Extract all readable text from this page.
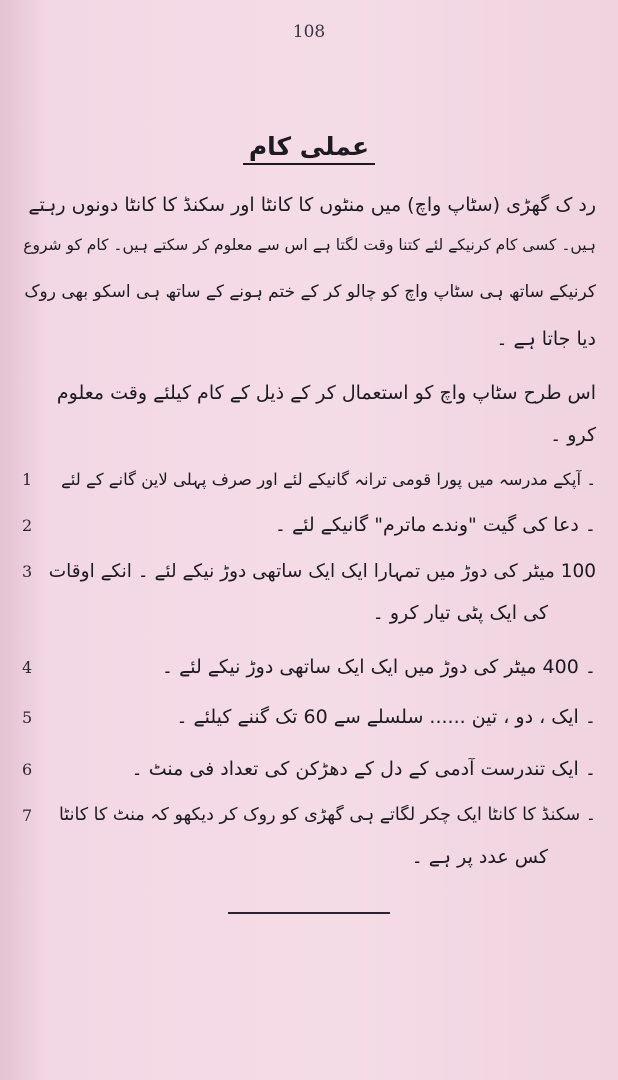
108
عملی کام
رد ک گھڑی (سٹاپ واچ) میں منٹوں کا کانٹا اور سکنڈ کا کانٹا دونوں رہتے
ہیں۔ کسی کام کرنیکے لئے کتنا وقت لگتا ہے اس سے معلوم کر سکتے ہیں۔ کام کو شروع
کرنیکے ساتھ ہی سٹاپ واچ کو چالو کر کے ختم ہونے کے ساتھ ہی اسکو بھی روک
دیا جاتا ہے ۔
اس طرح سٹاپ واچ کو استعمال کر کے ذیل کے کام کیلئے وقت معلوم
کرو ۔
1	۔ آپکے مدرسہ میں پورا قومی ترانہ گانیکے لئے اور صرف پہلی لاین گانے کے لئے
2	۔ دعا کی گیت "وندے ماترم" گانیکے لئے ۔
3 100 میٹر کی دوڑ میں تمہارا ایک ایک ساتھی دوڑ نیکے لئے ۔ انکے اوقات
کی ایک پٹی تیار کرو ۔
4	۔ 400 میٹر کی دوڑ میں ایک ایک ساتھی دوڑ نیکے لئے ۔
5	۔ ایک ، دو ، تین ...... سلسلے سے 60 تک گننے کیلئے ۔
6	۔ ایک تندرست آدمی کے دل کے دھڑکن کی تعداد فی منٹ ۔
7	۔ سکنڈ کا کانٹا ایک چکر لگاتے ہی گھڑی کو روک کر دیکھو کہ منٹ کا کانٹا
کس عدد پر ہے ۔
